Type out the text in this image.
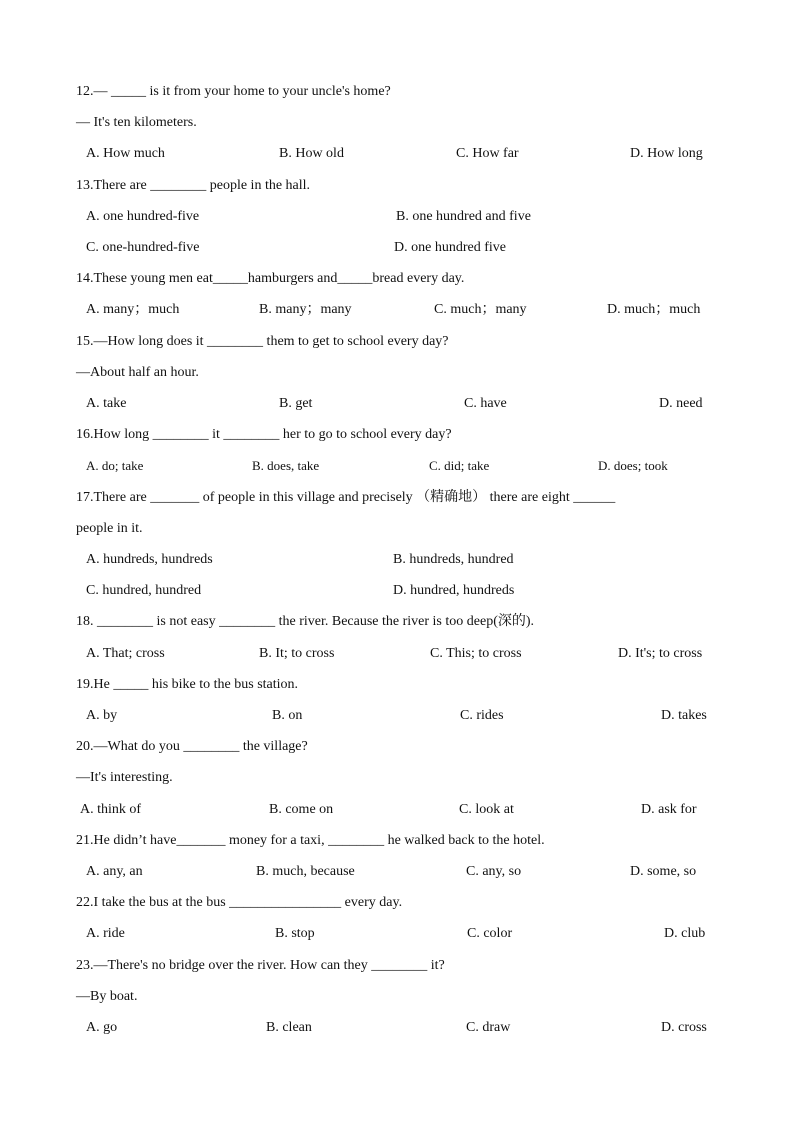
12.— _____ is it from your home to your uncle's home?
— It's ten kilometers.
A. How much	B. How old	C. How far	D. How long
13.There are ________ people in the hall.
A. one hundred-five	B. one hundred and five
C. one-hundred-five	D. one hundred five
14.These young men eat_____hamburgers and_____bread every day.
A. many；much	B. many；many	C. much；many	D. much；much
15.—How long does it ________ them to get to school every day?
—About half an hour.
A. take	B. get	C. have	D. need
16.How long ________ it ________ her to go to school every day?
A. do; take	B. does, take	C. did; take	D. does; took
17.There are _______ of people in this village and precisely （精确地） there are eight ______
people in it.
A. hundreds, hundreds	B. hundreds, hundred
C. hundred, hundred	D. hundred, hundreds
18. ________ is not easy ________ the river. Because the river is too deep(深的).
A. That; cross	B. It; to cross	C. This; to cross	D. It's; to cross
19.He _____ his bike to the bus station.
A. by	B. on	C. rides	D. takes
20.—What do you ________ the village?
—It's interesting.
A. think of	B. come on	C. look at	D. ask for
21.He didn’t have_______ money for a taxi, ________ he walked back to the hotel.
A. any, an	B. much, because	C. any, so	D. some, so
22.I take the bus at the bus ________________ every day.
A. ride	B. stop	C. color	D. club
23.—There's no bridge over the river. How can they ________ it?
—By boat.
A. go	B. clean	C. draw	D. cross
